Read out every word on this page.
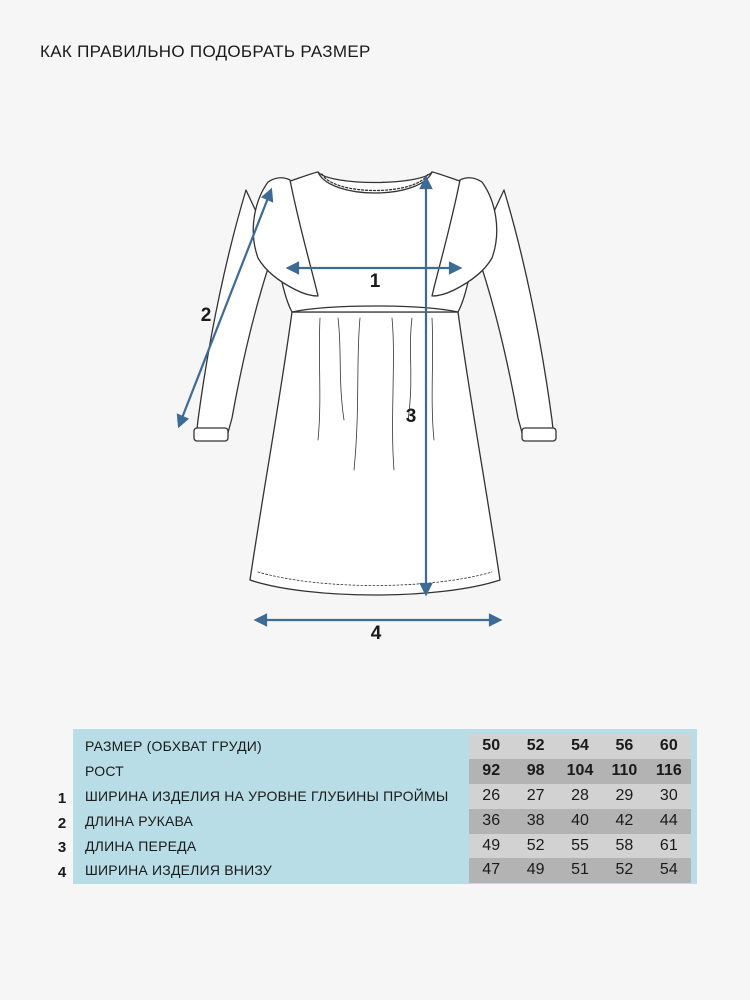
КАК ПРАВИЛЬНО ПОДОБРАТЬ РАЗМЕР
1
2
3
4
1
2
3
4
РАЗМЕР (ОБХВАТ ГРУДИ)	50	52	54	56	60
РОСТ	92	98	104	110	116
ШИРИНА ИЗДЕЛИЯ НА УРОВНЕ ГЛУБИНЫ ПРОЙМЫ	26	27	28	29	30
ДЛИНА РУКАВА	36	38	40	42	44
ДЛИНА ПЕРЕДА	49	52	55	58	61
ШИРИНА ИЗДЕЛИЯ ВНИЗУ	47	49	51	52	54
